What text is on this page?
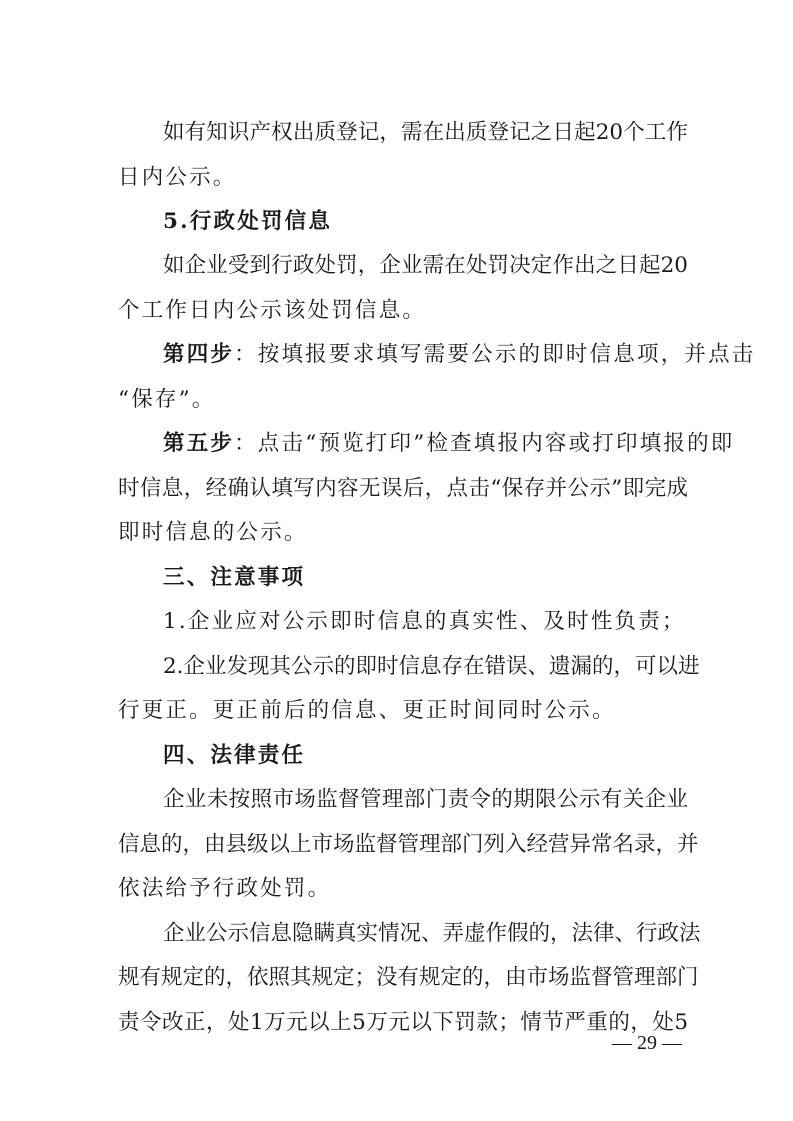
如有知识产权出质登记，需在出质登记之日起20个工作
日内公示。
5.行政处罚信息
如企业受到行政处罚，企业需在处罚决定作出之日起20
个工作日内公示该处罚信息。
第四步：按填报要求填写需要公示的即时信息项，并点击
“保存”。
第五步：点击“预览打印”检查填报内容或打印填报的即
时信息，经确认填写内容无误后，点击“保存并公示”即完成
即时信息的公示。
三、注意事项
1.企业应对公示即时信息的真实性、及时性负责；
2.企业发现其公示的即时信息存在错误、遗漏的，可以进
行更正。更正前后的信息、更正时间同时公示。
四、法律责任
企业未按照市场监督管理部门责令的期限公示有关企业
信息的，由县级以上市场监督管理部门列入经营异常名录，并
依法给予行政处罚。
企业公示信息隐瞒真实情况、弄虚作假的，法律、行政法
规有规定的，依照其规定；没有规定的，由市场监督管理部门
责令改正，处1万元以上5万元以下罚款；情节严重的，处5
— 29 —
